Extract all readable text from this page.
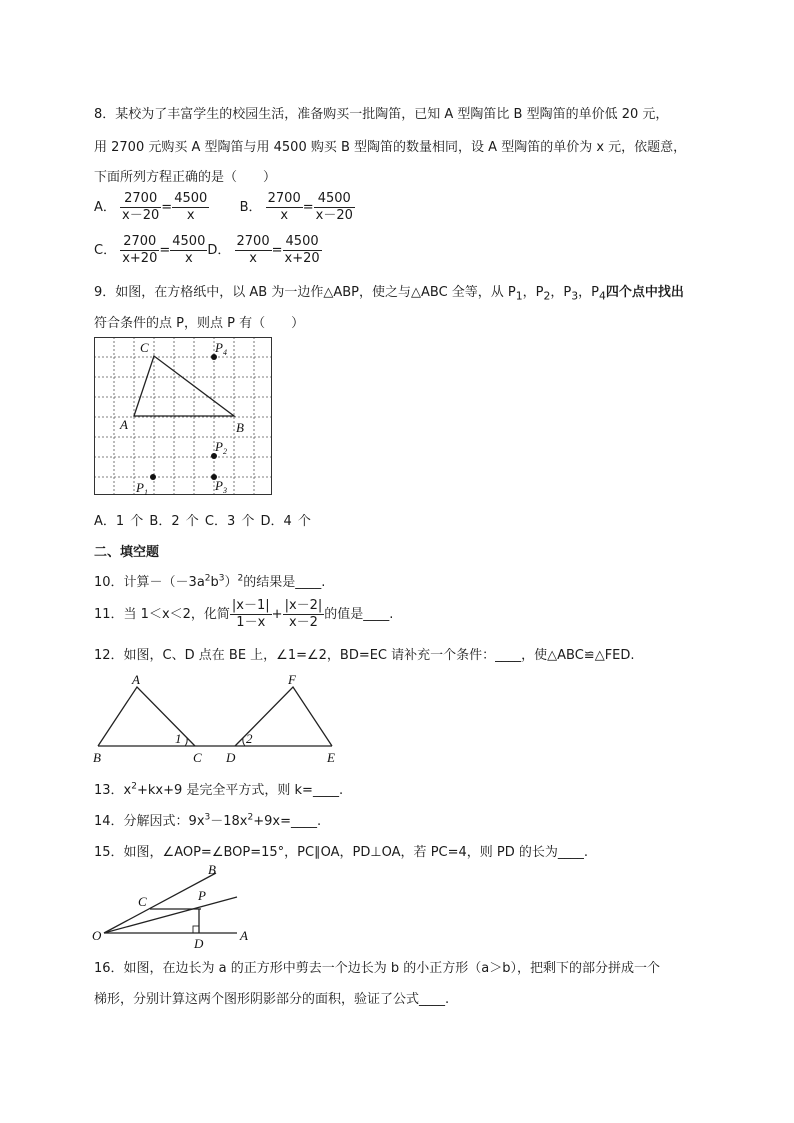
8．某校为了丰富学生的校园生活，准备购买一批陶笛，已知 A 型陶笛比 B 型陶笛的单价低 20 元，
用 2700 元购买 A 型陶笛与用 4500 购买 B 型陶笛的数量相同，设 A 型陶笛的单价为 x 元，依题意，
下面所列方程正确的是（　　）
A． $\frac{2700}{x-20} = \frac{4500}{x}$ B． $\frac{2700}{x} = \frac{4500}{x-20}$
C． $\frac{2700}{x+20} = \frac{4500}{x}$ D． $\frac{2700}{x} = \frac{4500}{x+20}$
9．如图，在方格纸中，以 AB 为一边作△ABP，使之与△ABC 全等，从 $P_1$，$P_2$，$P_3$，$P_4$四个点中找出
符合条件的点 P，则点 P 有（　　）
C
A	B
$P_4$
$P_2$
$P_1$	$P_3$
A．1 个 B．2 个 C．3 个 D．4 个
二、填空题
10．计算$-(-3a^2b^3)^2$的结果是____.
11．当 1＜x＜2，化简 $\frac{|x-1|}{1-x} + \frac{|x-2|}{x-2}$ 的值是____.
12．如图，C、D 点在 BE 上，∠1=∠2，BD=EC 请补充一个条件：____，使△ABC≌△FED.
A
B	C D	E
F
1	2
13．$x^2+kx+9$ 是完全平方式，则 k=____.
14．分解因式：$9x^3-18x^2+9x=\_\_\_\_$.
15．如图，∠AOP=∠BOP=15°，PC∥OA，PD⊥OA，若 PC=4，则 PD 的长为____.
O	A
B
C	P
D
16．如图，在边长为 a 的正方形中剪去一个边长为 b 的小正方形（a＞b），把剩下的部分拼成一个
梯形，分别计算这两个图形阴影部分的面积，验证了公式____.
